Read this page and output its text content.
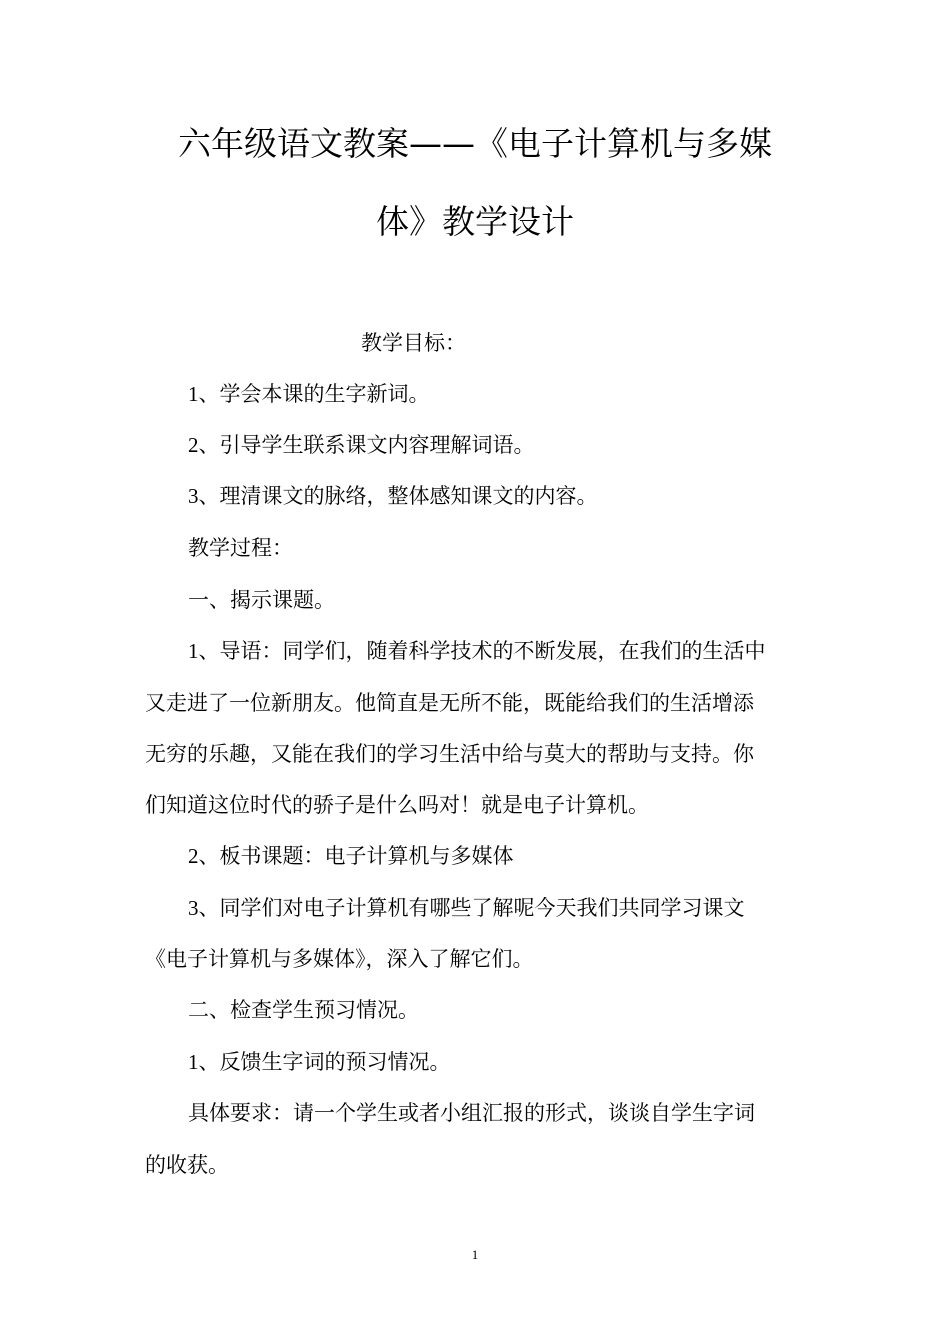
六年级语文教案——《电子计算机与多媒
体》教学设计
教学目标：
1、学会本课的生字新词。
2、引导学生联系课文内容理解词语。
3、理清课文的脉络，整体感知课文的内容。
教学过程：
一、揭示课题。
1、导语：同学们，随着科学技术的不断发展，在我们的生活中
又走进了一位新朋友。他简直是无所不能，既能给我们的生活增添
无穷的乐趣，又能在我们的学习生活中给与莫大的帮助与支持。你
们知道这位时代的骄子是什么吗对！就是电子计算机。
2、板书课题：电子计算机与多媒体
3、同学们对电子计算机有哪些了解呢今天我们共同学习课文
《电子计算机与多媒体》，深入了解它们。
二、检查学生预习情况。
1、反馈生字词的预习情况。
具体要求：请一个学生或者小组汇报的形式，谈谈自学生字词
的收获。
1
